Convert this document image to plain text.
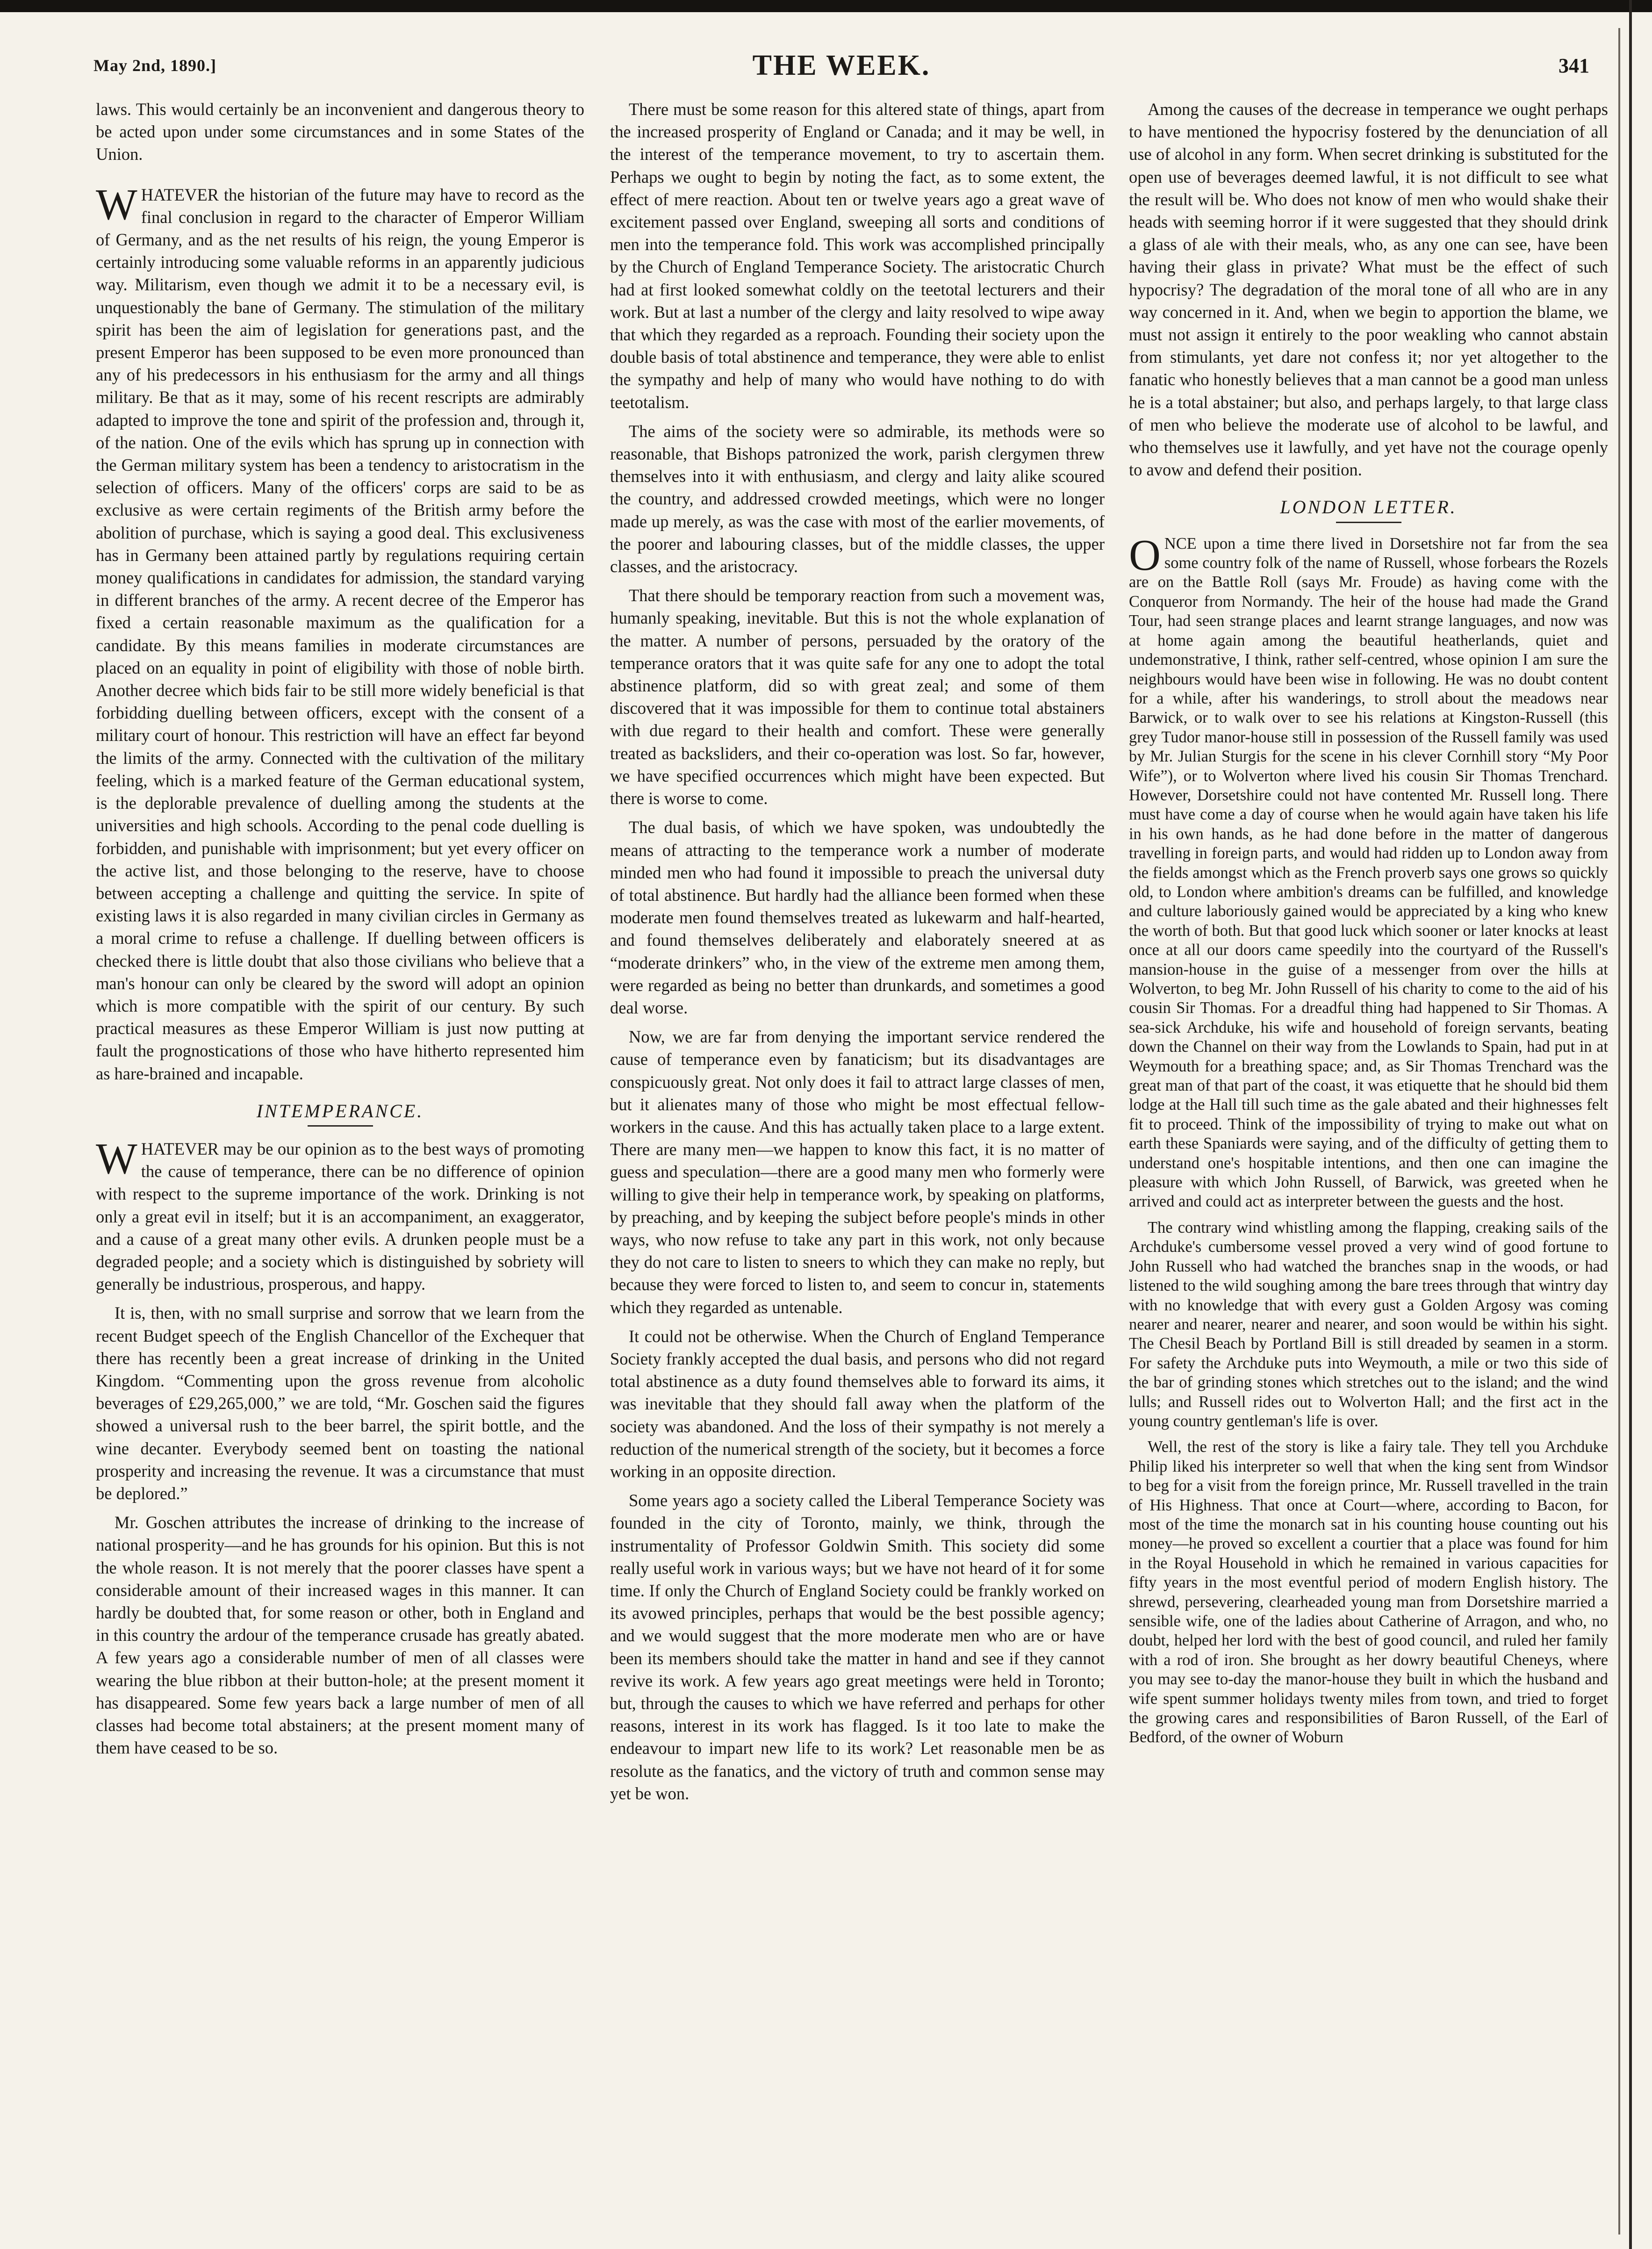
May 2nd, 1890.]	THE WEEK.	341

laws. This would certainly be an inconvenient and dangerous theory to be acted upon under some circumstances and in some States of the Union.

WHATEVER the historian of the future may have to record as the final conclusion in regard to the character of Emperor William of Germany, and as the net results of his reign, the young Emperor is certainly introducing some valuable reforms in an apparently judicious way. Militarism, even though we admit it to be a necessary evil, is unquestionably the bane of Germany. The stimulation of the military spirit has been the aim of legislation for generations past, and the present Emperor has been supposed to be even more pronounced than any of his predecessors in his enthusiasm for the army and all things military. Be that as it may, some of his recent rescripts are admirably adapted to improve the tone and spirit of the profession and, through it, of the nation. One of the evils which has sprung up in connection with the German military system has been a tendency to aristocratism in the selection of officers. Many of the officers' corps are said to be as exclusive as were certain regiments of the British army before the abolition of purchase, which is saying a good deal. This exclusiveness has in Germany been attained partly by regulations requiring certain money qualifications in candidates for admission, the standard varying in different branches of the army. A recent decree of the Emperor has fixed a certain reasonable maximum as the qualification for a candidate. By this means families in moderate circumstances are placed on an equality in point of eligibility with those of noble birth. Another decree which bids fair to be still more widely beneficial is that forbidding duelling between officers, except with the consent of a military court of honour. This restriction will have an effect far beyond the limits of the army. Connected with the cultivation of the military feeling, which is a marked feature of the German educational system, is the deplorable prevalence of duelling among the students at the universities and high schools. According to the penal code duelling is forbidden, and punishable with imprisonment; but yet every officer on the active list, and those belonging to the reserve, have to choose between accepting a challenge and quitting the service. In spite of existing laws it is also regarded in many civilian circles in Germany as a moral crime to refuse a challenge. If duelling between officers is checked there is little doubt that also those civilians who believe that a man's honour can only be cleared by the sword will adopt an opinion which is more compatible with the spirit of our century. By such practical measures as these Emperor William is just now putting at fault the prognostications of those who have hitherto represented him as hare-brained and incapable.

INTEMPERANCE.

WHATEVER may be our opinion as to the best ways of promoting the cause of temperance, there can be no difference of opinion with respect to the supreme importance of the work. Drinking is not only a great evil in itself; but it is an accompaniment, an exaggerator, and a cause of a great many other evils. A drunken people must be a degraded people; and a society which is distinguished by sobriety will generally be industrious, prosperous, and happy.

It is, then, with no small surprise and sorrow that we learn from the recent Budget speech of the English Chancellor of the Exchequer that there has recently been a great increase of drinking in the United Kingdom. “Commenting upon the gross revenue from alcoholic beverages of £29,265,000,” we are told, “Mr. Goschen said the figures showed a universal rush to the beer barrel, the spirit bottle, and the wine decanter. Everybody seemed bent on toasting the national prosperity and increasing the revenue. It was a circumstance that must be deplored.”

Mr. Goschen attributes the increase of drinking to the increase of national prosperity—and he has grounds for his opinion. But this is not the whole reason. It is not merely that the poorer classes have spent a considerable amount of their increased wages in this manner. It can hardly be doubted that, for some reason or other, both in England and in this country the ardour of the temperance crusade has greatly abated. A few years ago a considerable number of men of all classes were wearing the blue ribbon at their button-hole; at the present moment it has disappeared. Some few years back a large number of men of all classes had become total abstainers; at the present moment many of them have ceased to be so.

There must be some reason for this altered state of things, apart from the increased prosperity of England or Canada; and it may be well, in the interest of the temperance movement, to try to ascertain them. Perhaps we ought to begin by noting the fact, as to some extent, the effect of mere reaction. About ten or twelve years ago a great wave of excitement passed over England, sweeping all sorts and conditions of men into the temperance fold. This work was accomplished principally by the Church of England Temperance Society. The aristocratic Church had at first looked somewhat coldly on the teetotal lecturers and their work. But at last a number of the clergy and laity resolved to wipe away that which they regarded as a reproach. Founding their society upon the double basis of total abstinence and temperance, they were able to enlist the sympathy and help of many who would have nothing to do with teetotalism.

The aims of the society were so admirable, its methods were so reasonable, that Bishops patronized the work, parish clergymen threw themselves into it with enthusiasm, and clergy and laity alike scoured the country, and addressed crowded meetings, which were no longer made up merely, as was the case with most of the earlier movements, of the poorer and labouring classes, but of the middle classes, the upper classes, and the aristocracy.

That there should be temporary reaction from such a movement was, humanly speaking, inevitable. But this is not the whole explanation of the matter. A number of persons, persuaded by the oratory of the temperance orators that it was quite safe for any one to adopt the total abstinence platform, did so with great zeal; and some of them discovered that it was impossible for them to continue total abstainers with due regard to their health and comfort. These were generally treated as backsliders, and their co-operation was lost. So far, however, we have specified occurrences which might have been expected. But there is worse to come.

The dual basis, of which we have spoken, was undoubtedly the means of attracting to the temperance work a number of moderate minded men who had found it impossible to preach the universal duty of total abstinence. But hardly had the alliance been formed when these moderate men found themselves treated as lukewarm and half-hearted, and found themselves deliberately and elaborately sneered at as “moderate drinkers” who, in the view of the extreme men among them, were regarded as being no better than drunkards, and sometimes a good deal worse.

Now, we are far from denying the important service rendered the cause of temperance even by fanaticism; but its disadvantages are conspicuously great. Not only does it fail to attract large classes of men, but it alienates many of those who might be most effectual fellow-workers in the cause. And this has actually taken place to a large extent. There are many men—we happen to know this fact, it is no matter of guess and speculation—there are a good many men who formerly were willing to give their help in temperance work, by speaking on platforms, by preaching, and by keeping the subject before people's minds in other ways, who now refuse to take any part in this work, not only because they do not care to listen to sneers to which they can make no reply, but because they were forced to listen to, and seem to concur in, statements which they regarded as untenable.

It could not be otherwise. When the Church of England Temperance Society frankly accepted the dual basis, and persons who did not regard total abstinence as a duty found themselves able to forward its aims, it was inevitable that they should fall away when the platform of the society was abandoned. And the loss of their sympathy is not merely a reduction of the numerical strength of the society, but it becomes a force working in an opposite direction.

Some years ago a society called the Liberal Temperance Society was founded in the city of Toronto, mainly, we think, through the instrumentality of Professor Goldwin Smith. This society did some really useful work in various ways; but we have not heard of it for some time. If only the Church of England Society could be frankly worked on its avowed principles, perhaps that would be the best possible agency; and we would suggest that the more moderate men who are or have been its members should take the matter in hand and see if they cannot revive its work. A few years ago great meetings were held in Toronto; but, through the causes to which we have referred and perhaps for other reasons, interest in its work has flagged. Is it too late to make the endeavour to impart new life to its work? Let reasonable men be as resolute as the fanatics, and the victory of truth and common sense may yet be won.

Among the causes of the decrease in temperance we ought perhaps to have mentioned the hypocrisy fostered by the denunciation of all use of alcohol in any form. When secret drinking is substituted for the open use of beverages deemed lawful, it is not difficult to see what the result will be. Who does not know of men who would shake their heads with seeming horror if it were suggested that they should drink a glass of ale with their meals, who, as any one can see, have been having their glass in private? What must be the effect of such hypocrisy? The degradation of the moral tone of all who are in any way concerned in it. And, when we begin to apportion the blame, we must not assign it entirely to the poor weakling who cannot abstain from stimulants, yet dare not confess it; nor yet altogether to the fanatic who honestly believes that a man cannot be a good man unless he is a total abstainer; but also, and perhaps largely, to that large class of men who believe the moderate use of alcohol to be lawful, and who themselves use it lawfully, and yet have not the courage openly to avow and defend their position.

LONDON LETTER.

ONCE upon a time there lived in Dorsetshire not far from the sea some country folk of the name of Russell, whose forbears the Rozels are on the Battle Roll (says Mr. Froude) as having come with the Conqueror from Normandy. The heir of the house had made the Grand Tour, had seen strange places and learnt strange languages, and now was at home again among the beautiful heatherlands, quiet and undemonstrative, I think, rather self-centred, whose opinion I am sure the neighbours would have been wise in following. He was no doubt content for a while, after his wanderings, to stroll about the meadows near Barwick, or to walk over to see his relations at Kingston-Russell (this grey Tudor manor-house still in possession of the Russell family was used by Mr. Julian Sturgis for the scene in his clever Cornhill story “My Poor Wife”), or to Wolverton where lived his cousin Sir Thomas Trenchard. However, Dorsetshire could not have contented Mr. Russell long. There must have come a day of course when he would again have taken his life in his own hands, as he had done before in the matter of dangerous travelling in foreign parts, and would had ridden up to London away from the fields amongst which as the French proverb says one grows so quickly old, to London where ambition's dreams can be fulfilled, and knowledge and culture laboriously gained would be appreciated by a king who knew the worth of both. But that good luck which sooner or later knocks at least once at all our doors came speedily into the courtyard of the Russell's mansion-house in the guise of a messenger from over the hills at Wolverton, to beg Mr. John Russell of his charity to come to the aid of his cousin Sir Thomas. For a dreadful thing had happened to Sir Thomas. A sea-sick Archduke, his wife and household of foreign servants, beating down the Channel on their way from the Lowlands to Spain, had put in at Weymouth for a breathing space; and, as Sir Thomas Trenchard was the great man of that part of the coast, it was etiquette that he should bid them lodge at the Hall till such time as the gale abated and their highnesses felt fit to proceed. Think of the impossibility of trying to make out what on earth these Spaniards were saying, and of the difficulty of getting them to understand one's hospitable intentions, and then one can imagine the pleasure with which John Russell, of Barwick, was greeted when he arrived and could act as interpreter between the guests and the host.

The contrary wind whistling among the flapping, creaking sails of the Archduke's cumbersome vessel proved a very wind of good fortune to John Russell who had watched the branches snap in the woods, or had listened to the wild soughing among the bare trees through that wintry day with no knowledge that with every gust a Golden Argosy was coming nearer and nearer, nearer and nearer, and soon would be within his sight. The Chesil Beach by Portland Bill is still dreaded by seamen in a storm. For safety the Archduke puts into Weymouth, a mile or two this side of the bar of grinding stones which stretches out to the island; and the wind lulls; and Russell rides out to Wolverton Hall; and the first act in the young country gentleman's life is over.

Well, the rest of the story is like a fairy tale. They tell you Archduke Philip liked his interpreter so well that when the king sent from Windsor to beg for a visit from the foreign prince, Mr. Russell travelled in the train of His Highness. That once at Court—where, according to Bacon, for most of the time the monarch sat in his counting house counting out his money—he proved so excellent a courtier that a place was found for him in the Royal Household in which he remained in various capacities for fifty years in the most eventful period of modern English history. The shrewd, persevering, clearheaded young man from Dorsetshire married a sensible wife, one of the ladies about Catherine of Arragon, and who, no doubt, helped her lord with the best of good council, and ruled her family with a rod of iron. She brought as her dowry beautiful Cheneys, where you may see to-day the manor-house they built in which the husband and wife spent summer holidays twenty miles from town, and tried to forget the growing cares and responsibilities of Baron Russell, of the Earl of Bedford, of the owner of Woburn
